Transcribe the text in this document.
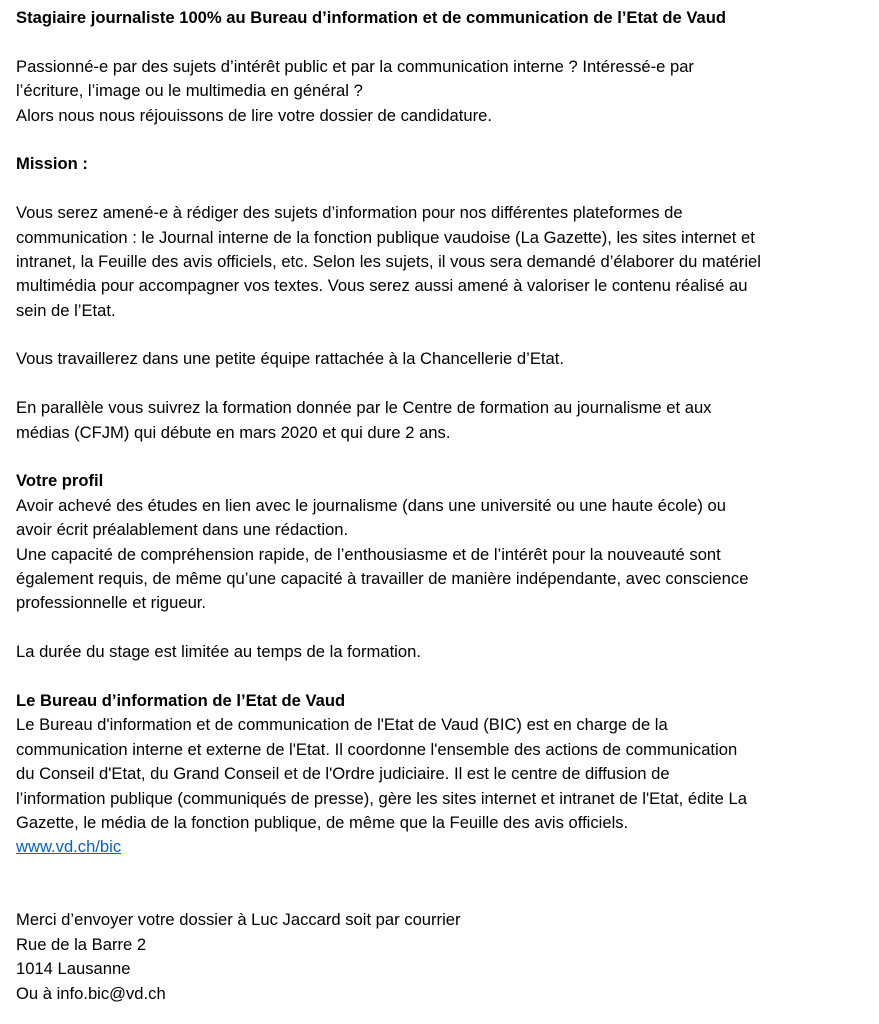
Stagiaire journaliste 100% au Bureau d’information et de communication de l’Etat de Vaud
Passionné-e par des sujets d’intérêt public et par la communication interne ? Intéressé-e par
l’écriture, l’image ou le multimedia en général ?
Alors nous nous réjouissons de lire votre dossier de candidature.
Mission :
Vous serez amené-e à rédiger des sujets d’information pour nos différentes plateformes de
communication : le Journal interne de la fonction publique vaudoise (La Gazette), les sites internet et
intranet, la Feuille des avis officiels, etc. Selon les sujets, il vous sera demandé d’élaborer du matériel
multimédia pour accompagner vos textes. Vous serez aussi amené à valoriser le contenu réalisé au
sein de l’Etat.
Vous travaillerez dans une petite équipe rattachée à la Chancellerie d’Etat.
En parallèle vous suivrez la formation donnée par le Centre de formation au journalisme et aux
médias (CFJM) qui débute en mars 2020 et qui dure 2 ans.
Votre profil
Avoir achevé des études en lien avec le journalisme (dans une université ou une haute école) ou
avoir écrit préalablement dans une rédaction.
Une capacité de compréhension rapide, de l’enthousiasme et de l’intérêt pour la nouveauté sont
également requis, de même qu’une capacité à travailler de manière indépendante, avec conscience
professionnelle et rigueur.
La durée du stage est limitée au temps de la formation.
Le Bureau d’information de l’Etat de Vaud
Le Bureau d'information et de communication de l'Etat de Vaud (BIC) est en charge de la
communication interne et externe de l'Etat. Il coordonne l'ensemble des actions de communication
du Conseil d'Etat, du Grand Conseil et de l'Ordre judiciaire. Il est le centre de diffusion de
l’information publique (communiqués de presse), gère les sites internet et intranet de l'Etat, édite La
Gazette, le média de la fonction publique, de même que la Feuille des avis officiels.
www.vd.ch/bic
Merci d’envoyer votre dossier à Luc Jaccard soit par courrier
Rue de la Barre 2
1014 Lausanne
Ou à info.bic@vd.ch
